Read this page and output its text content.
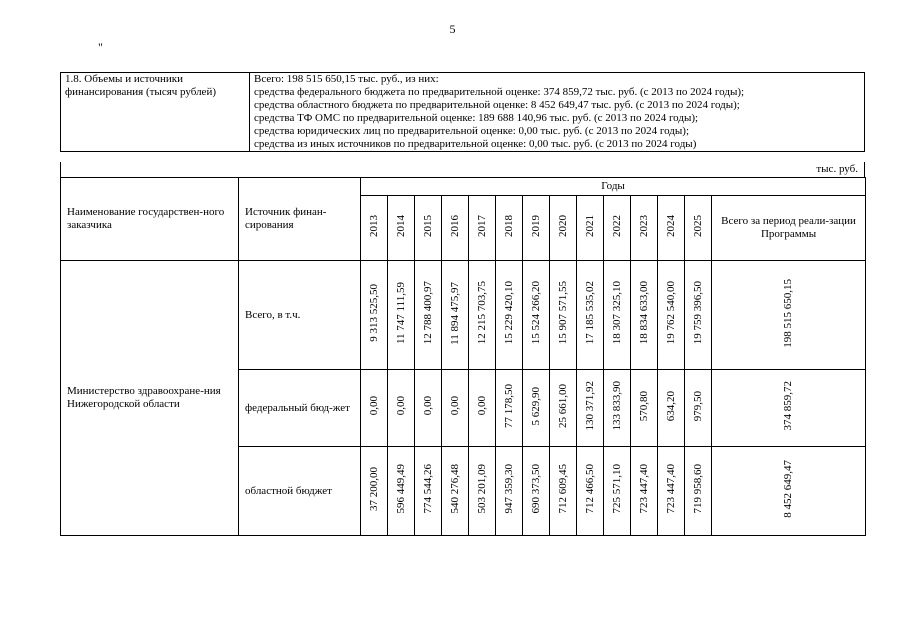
5
"
1.8. Объемы и источники финансирования (тысяч рублей)	
Всего: 198 515 650,15 тыс. руб., из них:
средства федерального бюджета по предварительной оценке: 374 859,72 тыс. руб. (с 2013 по 2024 годы);
средства областного бюджета по предварительной оценке: 8 452 649,47 тыс. руб. (с 2013 по 2024 годы);
средства ТФ ОМС по предварительной оценке: 189 688 140,96 тыс. руб. (с 2013 по 2024 годы);
средства юридических лиц по предварительной оценке: 0,00 тыс. руб. (с 2013 по 2024 годы);
средства из иных источников по предварительной оценке: 0,00 тыс. руб. (с 2013 по 2024 годы)
тыс. руб.
Наименование государствен-ного заказчика	Источник финан-сирования	Годы													
		2013	2014	2015	2016	2017	2018	2019	2020	2021	2022	2023	2024	2025	Всего за период реали-зации Программы
Министерство здравоохране-ния Нижегородской области	Всего, в т.ч.	9 313 525,50	11 747 111,59	12 788 400,97	11 894 475,97	12 215 703,75	15 229 420,10	15 524 266,20	15 907 571,55	17 185 535,02	18 307 325,10	18 834 633,00	19 762 540,00	19 759 396,50	198 515 650,15
	федеральный бюд-жет	0,00	0,00	0,00	0,00	0,00	77 178,50	5 629,90	25 661,00	130 371,92	133 833,90	570,80	634,20	979,50	374 859,72
	областной бюджет	37 200,00	596 449,49	774 544,26	540 276,48	503 201,09	947 359,30	690 373,50	712 609,45	712 466,50	725 571,10	723 447,40	723 447,40	719 958,60	8 452 649,47
